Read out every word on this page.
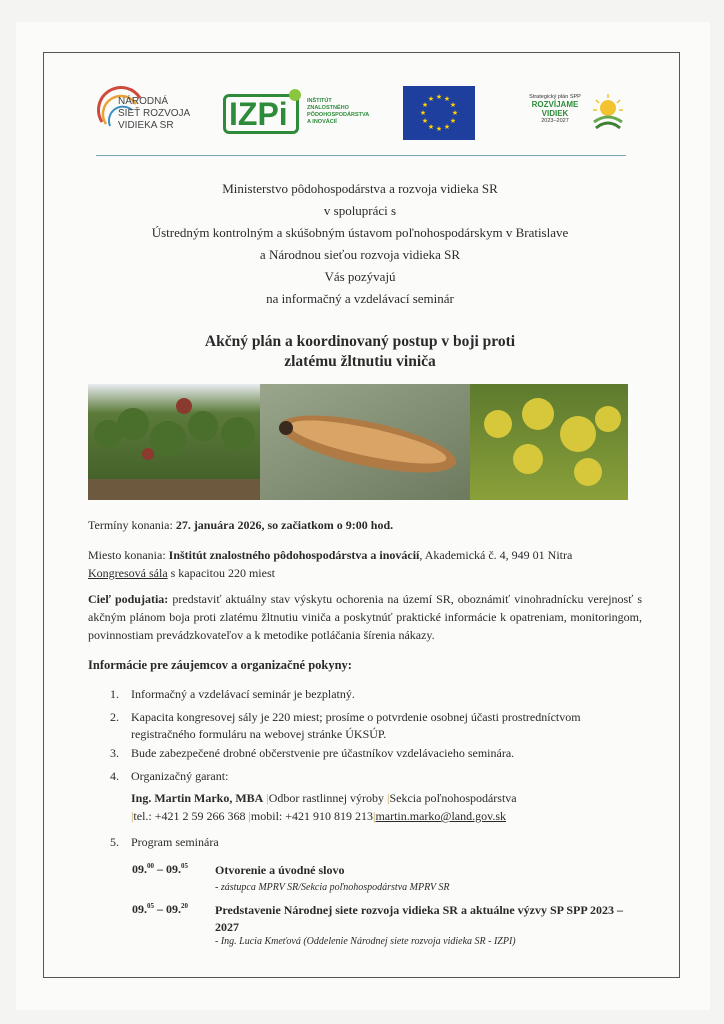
NÁRODNÁ
SIEŤ ROZVOJA
VIDIEKA SR	IZPi	INŠTITÚT
ZNALOSTNÉHO
PÔDOHOSPODÁRSTVA
A INOVÁCIÍ
★ ★
★
★
★
★
★
★
★
★
★
★	Strategický plán SPP
ROZVÍJAME
VIDIEK
2023–2027
Ministerstvo pôdohospodárstva a rozvoja vidieka SR
v spolupráci s
Ústredným kontrolným a skúšobným ústavom poľnohospodárskym v Bratislave
a Národnou sieťou rozvoja vidieka SR
Vás pozývajú
na informačný a vzdelávací seminár
Akčný plán a koordinovaný postup v boji proti
zlatému žltnutiu viniča
Termíny konania: 27. januára 2026, so začiatkom o 9:00 hod.
Miesto konania: Inštitút znalostného pôdohospodárstva a inovácií, Akademická č. 4, 949 01 Nitra
Kongresová sála s kapacitou 220 miest
Cieľ podujatia: predstaviť aktuálny stav výskytu ochorenia na území SR, oboznámiť vinohradnícku verejnosť s akčným plánom boja proti zlatému žltnutiu viniča a poskytnúť praktické informácie k opatreniam, monitoringom, povinnostiam prevádzkovateľov a k metodike potláčania šírenia nákazy.
Informácie pre záujemcov a organizačné pokyny:
1. Informačný a vzdelávací seminár je bezplatný.
2. Kapacita kongresovej sály je 220 miest; prosíme o potvrdenie osobnej účasti prostredníctvom registračného formuláru na webovej stránke ÚKSÚP.
3. Bude zabezpečené drobné občerstvenie pre účastníkov vzdelávacieho seminára.
4. Organizačný garant:
Ing. Martin Marko, MBA |Odbor rastlinnej výroby |Sekcia poľnohospodárstva
|tel.: +421 2 59 266 368 |mobil: +421 910 819 213|martin.marko@land.gov.sk
5. Program seminára
09.00 – 09.05 Otvorenie a úvodné slovo
- zástupca MPRV SR/Sekcia poľnohospodárstva MPRV SR
09.05 – 09.20 Predstavenie Národnej siete rozvoja vidieka SR a aktuálne výzvy SP SPP 2023 – 2027
- Ing. Lucia Kmeťová (Oddelenie Národnej siete rozvoja vidieka SR - IZPI)
